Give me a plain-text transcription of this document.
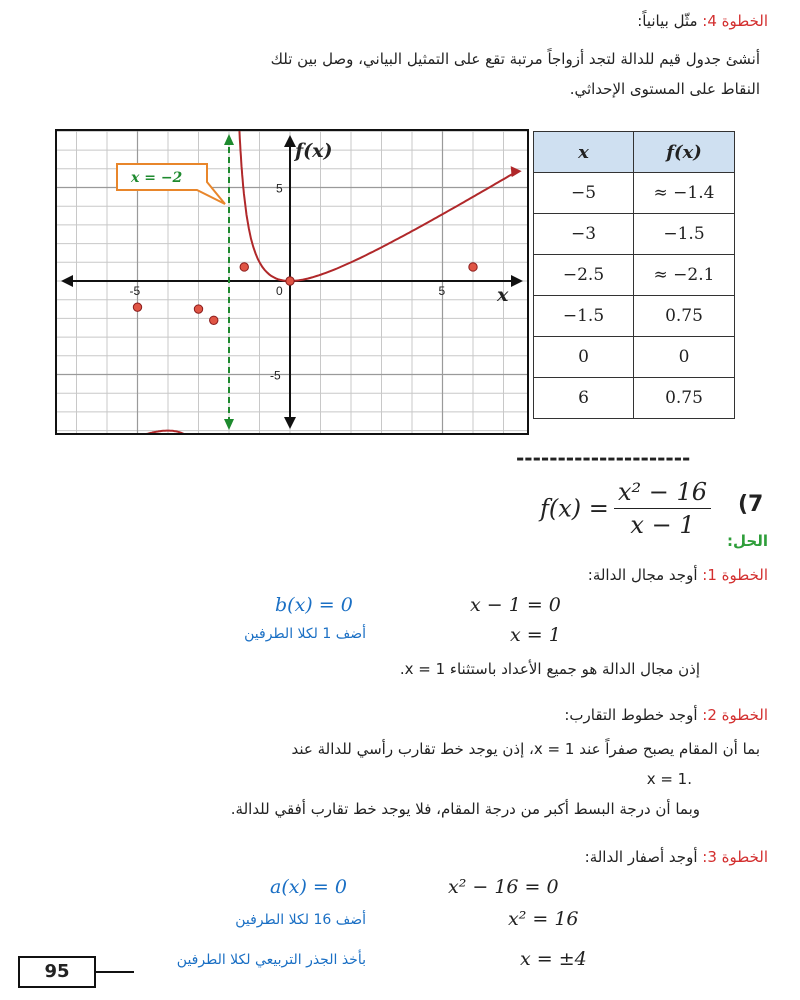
الخطوة 4: مثّل بيانياً:
أنشئ جدول قيم للدالة لتجد أزواجاً مرتبة تقع على التمثيل البياني، وصل بين تلك
النقاط على المستوى الإحداثي.
-5	0	5
5
-5
f(x)
x
x = −2
x	f(x)
−5	≈ −1.4
−3	−1.5
−2.5	≈ −2.1
−1.5	0.75
0	0
6	0.75
---------------------
$f(x) = \frac{\text{x² − 16}}{x - 1} (7$
الحل:
الخطوة 1: أوجد مجال الدالة:
b(x) = 0	x − 1 = 0
أضف 1 لكلا الطرفين	x = 1
إذن مجال الدالة هو جميع الأعداد باستثناء x = 1.
الخطوة 2: أوجد خطوط التقارب:
بما أن المقام يصبح صفراً عند x = 1، إذن يوجد خط تقارب رأسي للدالة عند
.x = 1
وبما أن درجة البسط أكبر من درجة المقام، فلا يوجد خط تقارب أفقي للدالة.
الخطوة 3: أوجد أصفار الدالة:
a(x) = 0	x² − 16 = 0
أضف 16 لكلا الطرفين	x² = 16
بأخذ الجذر التربيعي لكلا الطرفين	x = ±4
95
